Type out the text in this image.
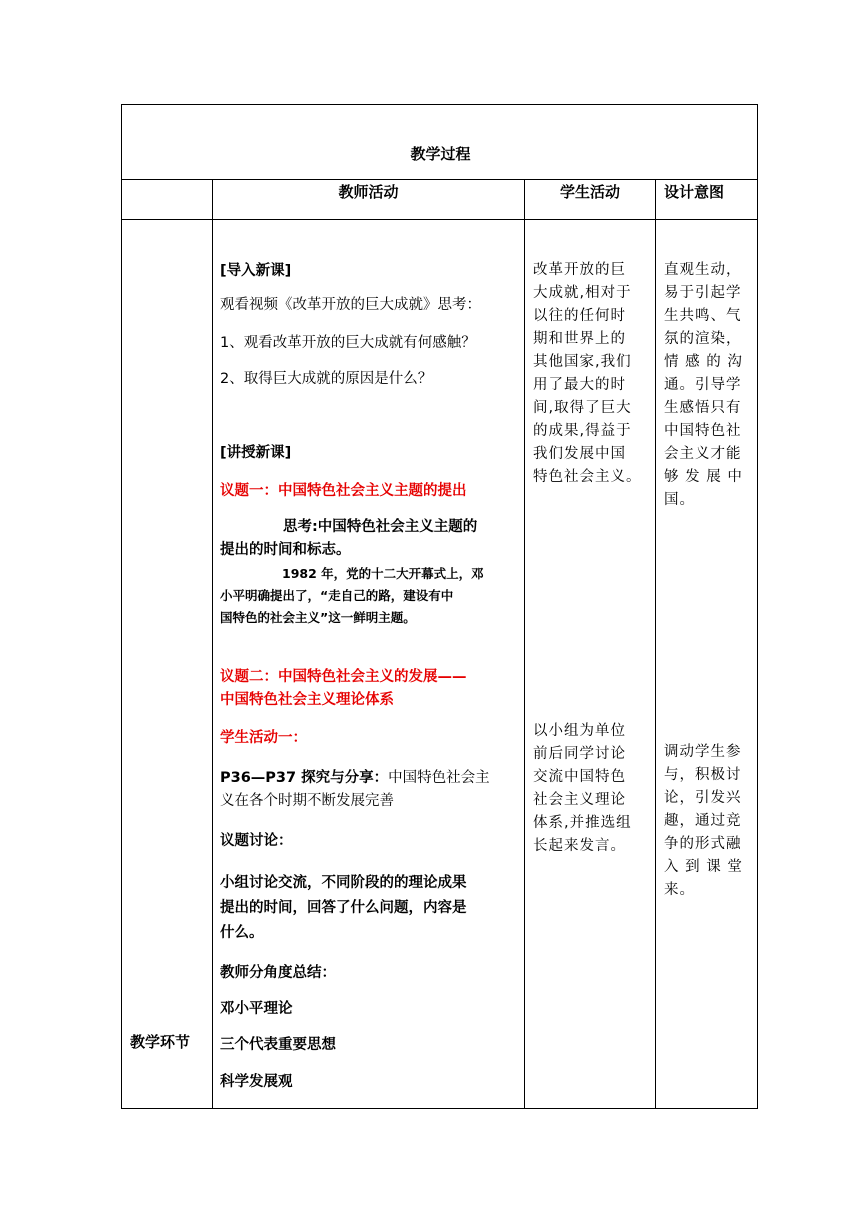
教学过程
教师活动	学生活动	设计意图
教学环节
[导入新课]
观看视频《改革开放的巨大成就》思考：
1、观看改革开放的巨大成就有何感触？
2、取得巨大成就的原因是什么？
[讲授新课]
议题一：中国特色社会主义主题的提出
思考:中国特色社会主义主题的
提出的时间和标志。
1982 年，党的十二大开幕式上，邓
小平明确提出了，“走自己的路，建设有中
国特色的社会主义”这一鲜明主题。
议题二：中国特色社会主义的发展——
中国特色社会主义理论体系
学生活动一：
P36—P37 探究与分享：中国特色社会主
义在各个时期不断发展完善
议题讨论：
小组讨论交流，不同阶段的的理论成果
提出的时间，回答了什么问题，内容是
什么。
教师分角度总结：
邓小平理论
三个代表重要思想
科学发展观
改革开放的巨
大成就,相对于
以往的任何时
期和世界上的
其他国家,我们
用了最大的时
间,取得了巨大
的成果,得益于
我们发展中国
特色社会主义。
以小组为单位
前后同学讨论
交流中国特色
社会主义理论
体系,并推选组
长起来发言。
直观生动，
易于引起学
生共鸣、气
氛的渲染，
情 感 的 沟
通。引导学
生感悟只有
中国特色社
会主义才能
够 发 展 中
国。
调动学生参
与，积极讨
论，引发兴
趣，通过竞
争的形式融
入 到 课 堂
来。
